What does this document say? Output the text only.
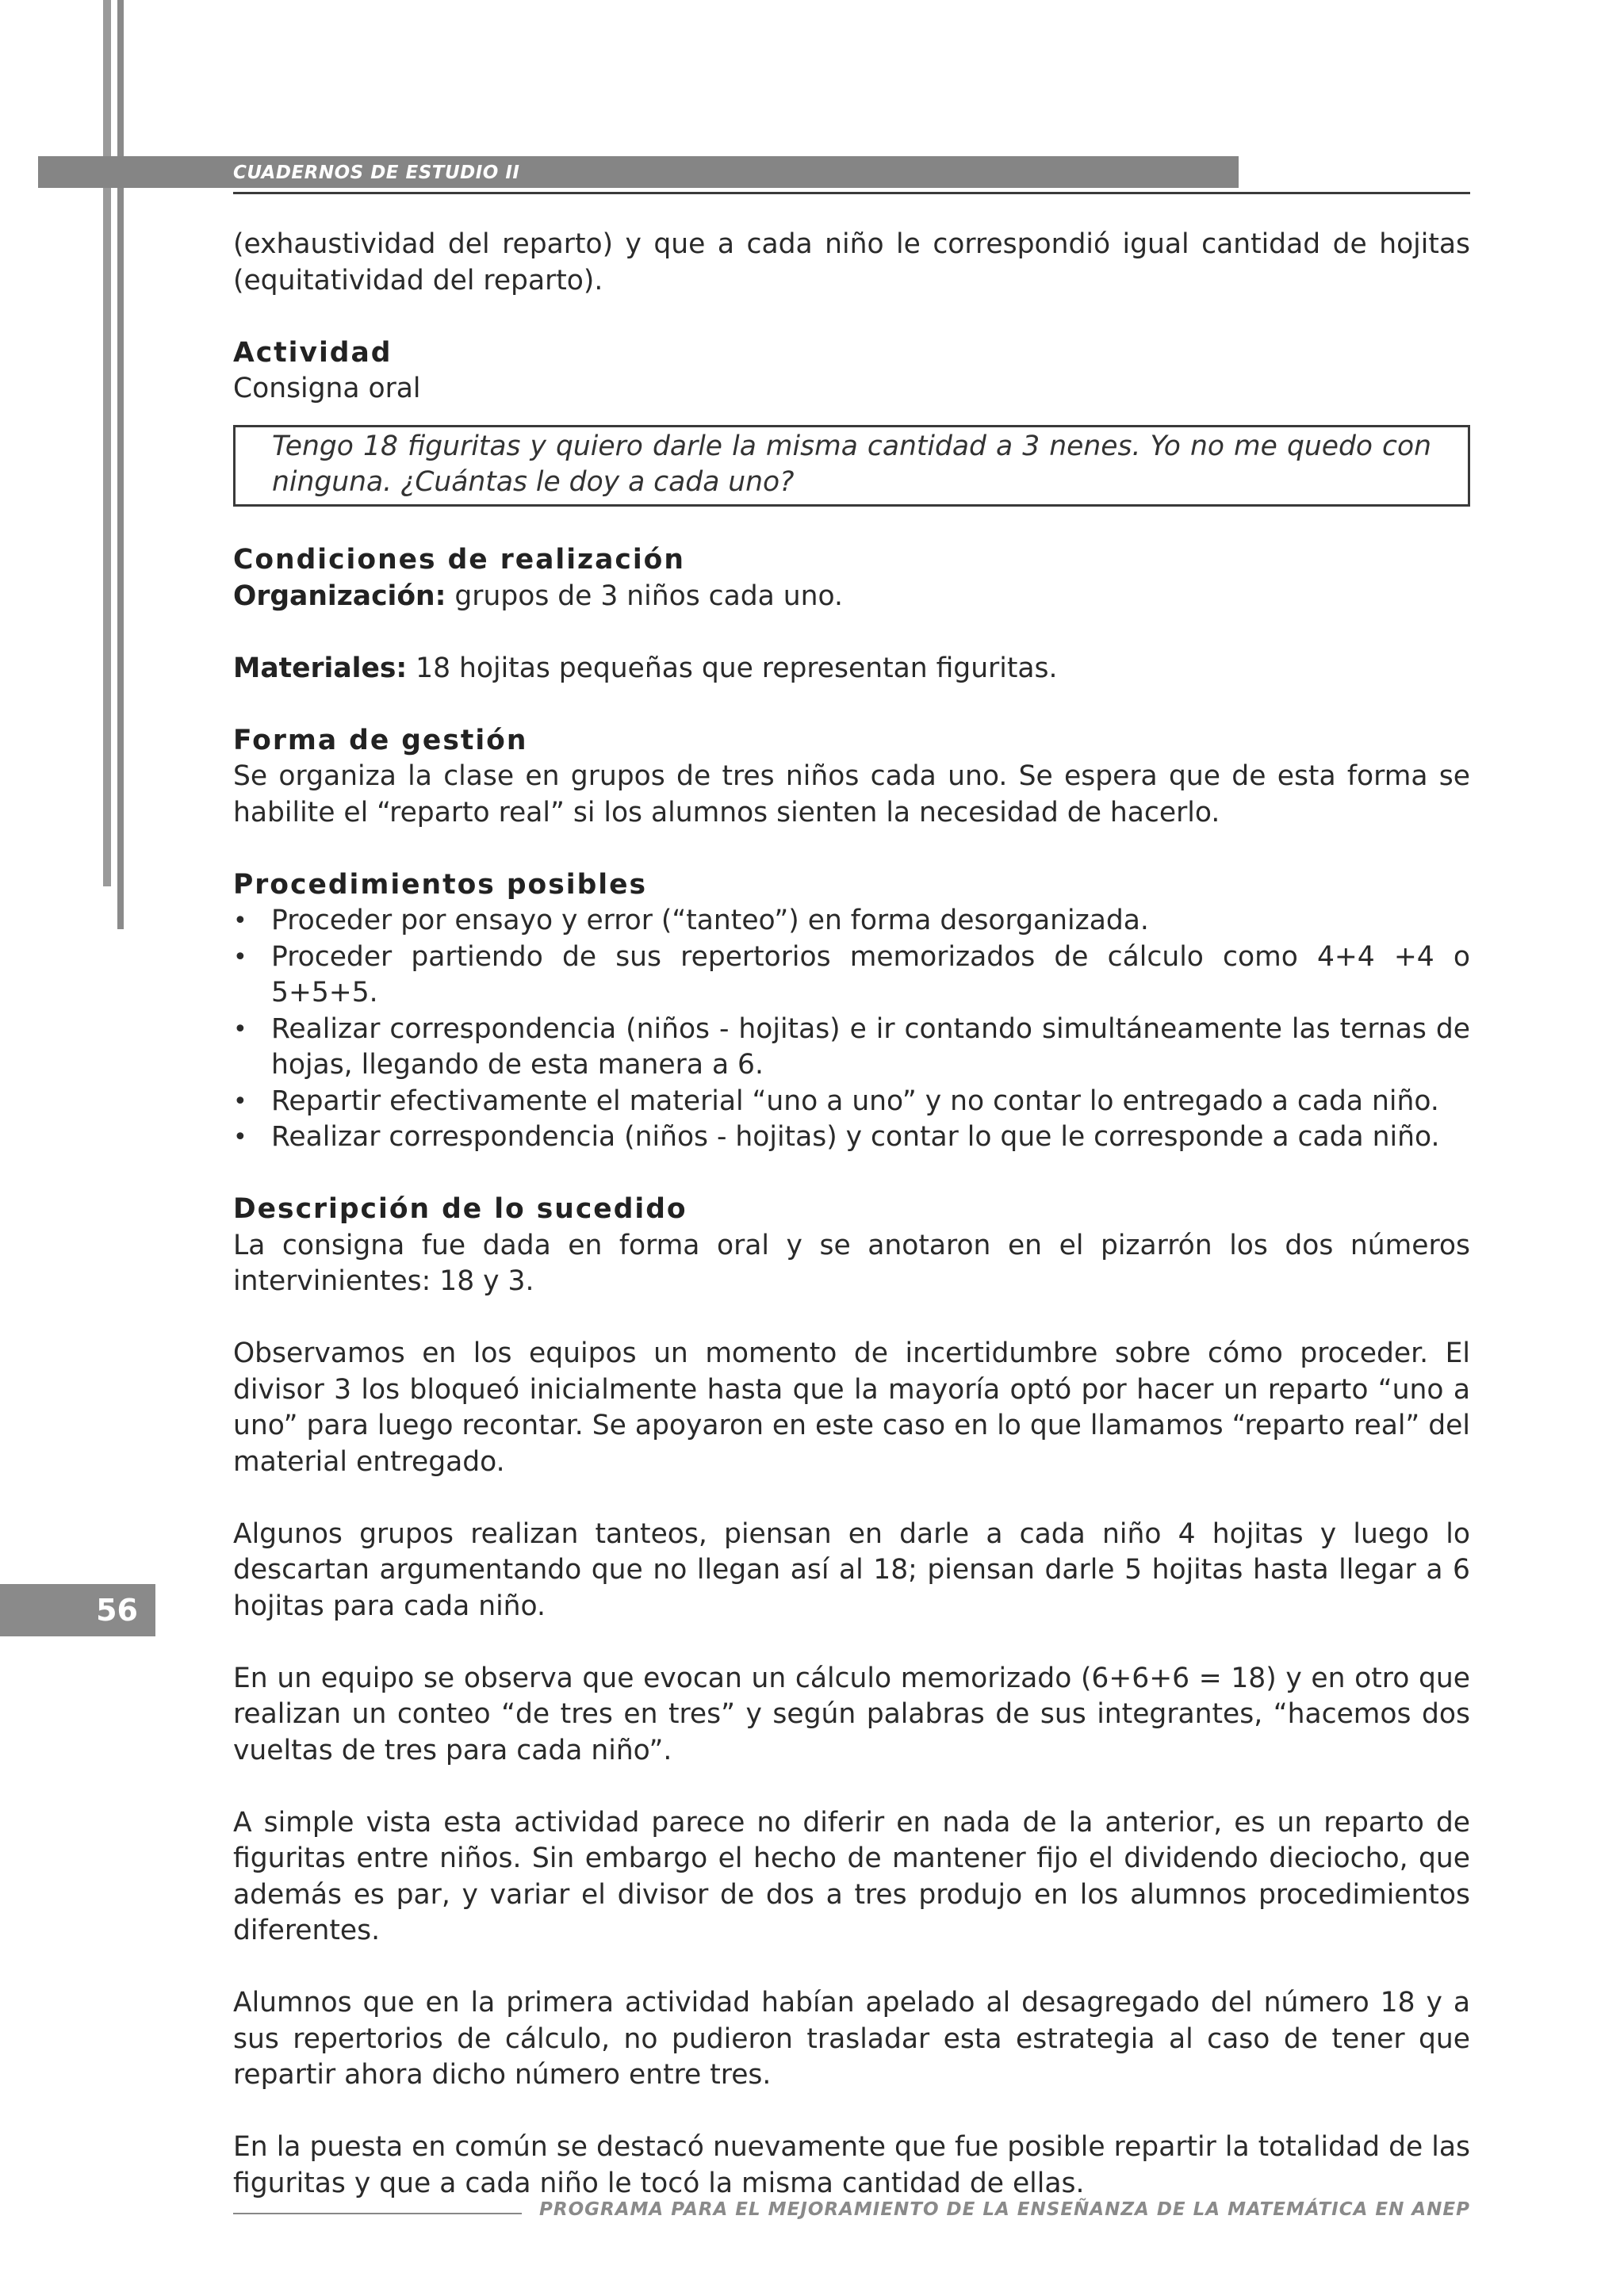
CUADERNOS DE ESTUDIO II
56

(exhaustividad del reparto) y que a cada niño le correspondió igual cantidad de hojitas (equitatividad del reparto).

Actividad

Consigna oral

Tengo 18 figuritas y quiero darle la misma cantidad a 3 nenes. Yo no me quedo con ninguna. ¿Cuántas le doy a cada uno?

Condiciones de realización

Organización: grupos de 3 niños cada uno.

Materiales: 18 hojitas pequeñas que representan figuritas.

Forma de gestión

Se organiza la clase en grupos de tres niños cada uno. Se espera que de esta forma se habilite el “reparto real” si los alumnos sienten la necesidad de hacerlo.

Procedimientos posibles

• Proceder por ensayo y error (“tanteo”) en forma desorganizada.
• Proceder partiendo de sus repertorios memorizados de cálculo como 4+4 +4 o 5+5+5.
• Realizar correspondencia (niños - hojitas) e ir contando simultáneamente las ternas de hojas, llegando de esta manera a 6.
• Repartir efectivamente el material “uno a uno” y no contar lo entregado a cada niño.
• Realizar correspondencia (niños - hojitas) y contar lo que le corresponde a cada niño.

Descripción de lo sucedido

La consigna fue dada en forma oral y se anotaron en el pizarrón los dos números intervinientes: 18 y 3.

Observamos en los equipos un momento de incertidumbre sobre cómo proceder. El divisor 3 los bloqueó inicialmente hasta que la mayoría optó por hacer un reparto “uno a uno” para luego recontar. Se apoyaron en este caso en lo que llamamos “reparto real” del material entregado.

Algunos grupos realizan tanteos, piensan en darle a cada niño 4 hojitas y luego lo descartan argumentando que no llegan así al 18; piensan darle 5 hojitas hasta llegar a 6 hojitas para cada niño.

En un equipo se observa que evocan un cálculo memorizado (6+6+6 = 18) y en otro que realizan un conteo “de tres en tres” y según palabras de sus integrantes, “hacemos dos vueltas de tres para cada niño”.

A simple vista esta actividad parece no diferir en nada de la anterior, es un reparto de figuritas entre niños. Sin embargo el hecho de mantener fijo el dividendo dieciocho, que además es par, y variar el divisor de dos a tres produjo en los alumnos procedimientos diferentes.

Alumnos que en la primera actividad habían apelado al desagregado del número 18 y a sus repertorios de cálculo, no pudieron trasladar esta estrategia al caso de tener que repartir ahora dicho número entre tres.

En la puesta en común se destacó nuevamente que fue posible repartir la totalidad de las figuritas y que a cada niño le tocó la misma cantidad de ellas.

PROGRAMA PARA EL MEJORAMIENTO DE LA ENSEÑANZA DE LA MATEMÁTICA EN ANEP
